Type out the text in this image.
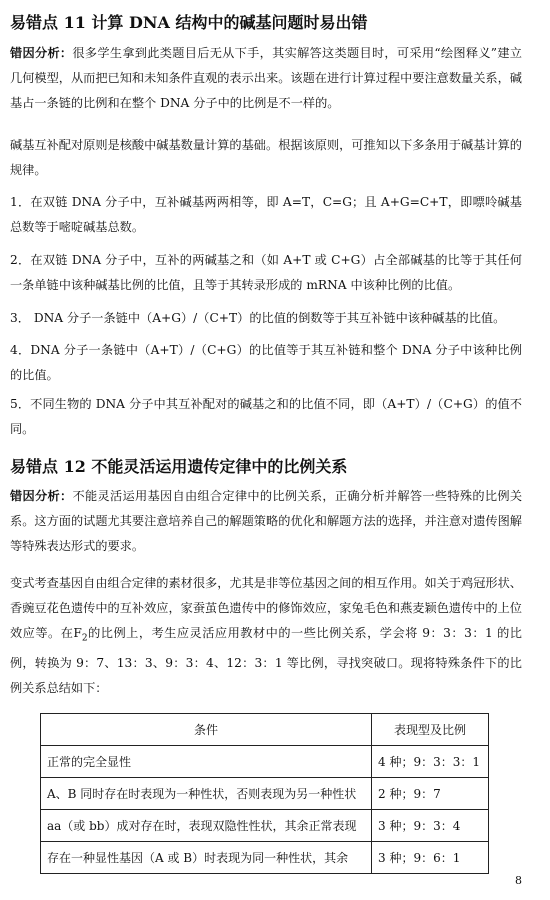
易错点 11 计算 DNA 结构中的碱基问题时易出错
错因分析：很多学生拿到此类题目后无从下手，其实解答这类题目时，可采用“绘图释义”建立几何模型，从而把已知和未知条件直观的表示出来。该题在进行计算过程中要注意数量关系，碱基占一条链的比例和在整个 DNA 分子中的比例是不一样的。
碱基互补配对原则是核酸中碱基数量计算的基础。根据该原则，可推知以下多条用于碱基计算的规律。
1．在双链 DNA 分子中，互补碱基两两相等，即 A=T，C=G；且 A+G=C+T，即嘌呤碱基总数等于嘧啶碱基总数。
2．在双链 DNA 分子中，互补的两碱基之和（如 A+T 或 C+G）占全部碱基的比等于其任何一条单链中该种碱基比例的比值，且等于其转录形成的 mRNA 中该种比例的比值。
3． DNA 分子一条链中（A+G）/（C+T）的比值的倒数等于其互补链中该种碱基的比值。
4．DNA 分子一条链中（A+T）/（C+G）的比值等于其互补链和整个 DNA 分子中该种比例的比值。
5．不同生物的 DNA 分子中其互补配对的碱基之和的比值不同，即（A+T）/（C+G）的值不同。
易错点 12 不能灵活运用遗传定律中的比例关系
错因分析：不能灵活运用基因自由组合定律中的比例关系，正确分析并解答一些特殊的比例关系。这方面的试题尤其要注意培养自己的解题策略的优化和解题方法的选择，并注意对遗传图解等特殊表达形式的要求。
变式考查基因自由组合定律的素材很多，尤其是非等位基因之间的相互作用。如关于鸡冠形状、香豌豆花色遗传中的互补效应，家蚕茧色遗传中的修饰效应，家兔毛色和燕麦颖色遗传中的上位效应等。在$F_2$的比例上，考生应灵活应用教材中的一些比例关系，学会将 9：3：3：1 的比例，转换为 9：7、13：3、9：3：4、12：3：1 等比例，寻找突破口。现将特殊条件下的比例关系总结如下：
条件	表现型及比例
正常的完全显性	4 种；9：3：3：1
A、B 同时存在时表现为一种性状，否则表现为另一种性状	2 种；9：7
aa（或 bb）成对存在时，表现双隐性性状，其余正常表现	3 种；9：3：4
存在一种显性基因（A 或 B）时表现为同一种性状，其余	3 种；9：6：1
8
